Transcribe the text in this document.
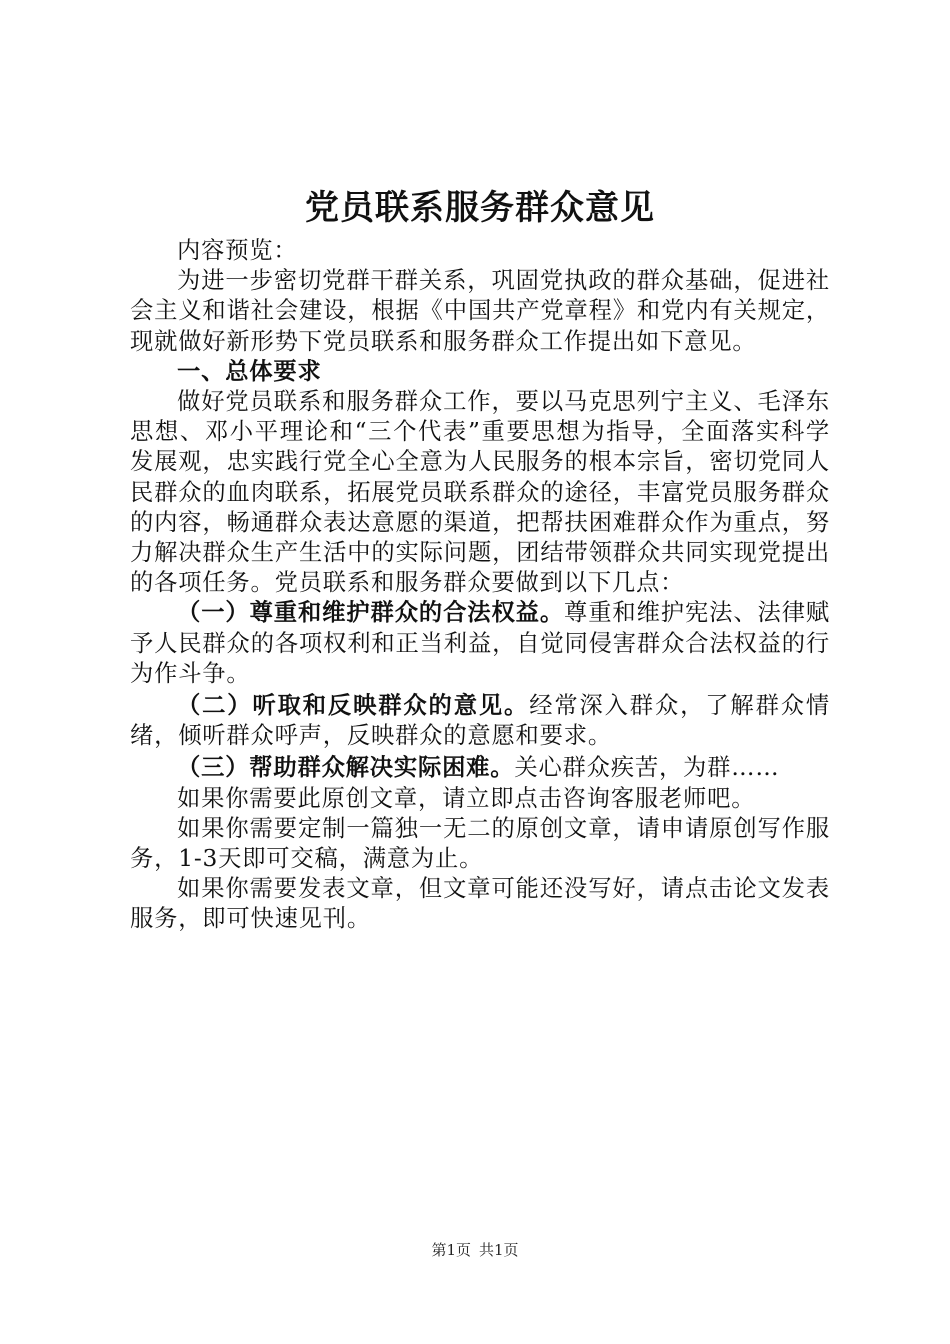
党员联系服务群众意见

内容预览：

为进一步密切党群干群关系，巩固党执政的群众基础，促进社会主义和谐社会建设，根据《中国共产党章程》和党内有关规定，现就做好新形势下党员联系和服务群众工作提出如下意见。

一、总体要求

做好党员联系和服务群众工作，要以马克思列宁主义、毛泽东思想、邓小平理论和“三个代表”重要思想为指导，全面落实科学发展观，忠实践行党全心全意为人民服务的根本宗旨，密切党同人民群众的血肉联系，拓展党员联系群众的途径，丰富党员服务群众的内容，畅通群众表达意愿的渠道，把帮扶困难群众作为重点，努力解决群众生产生活中的实际问题，团结带领群众共同实现党提出的各项任务。党员联系和服务群众要做到以下几点：

（一）尊重和维护群众的合法权益。尊重和维护宪法、法律赋予人民群众的各项权利和正当利益，自觉同侵害群众合法权益的行为作斗争。

（二）听取和反映群众的意见。经常深入群众，了解群众情绪，倾听群众呼声，反映群众的意愿和要求。

（三）帮助群众解决实际困难。关心群众疾苦，为群……

如果你需要此原创文章，请立即点击咨询客服老师吧。

如果你需要定制一篇独一无二的原创文章，请申请原创写作服务，1-3天即可交稿，满意为止。

如果你需要发表文章，但文章可能还没写好，请点击论文发表服务，即可快速见刊。

第1页 共1页
